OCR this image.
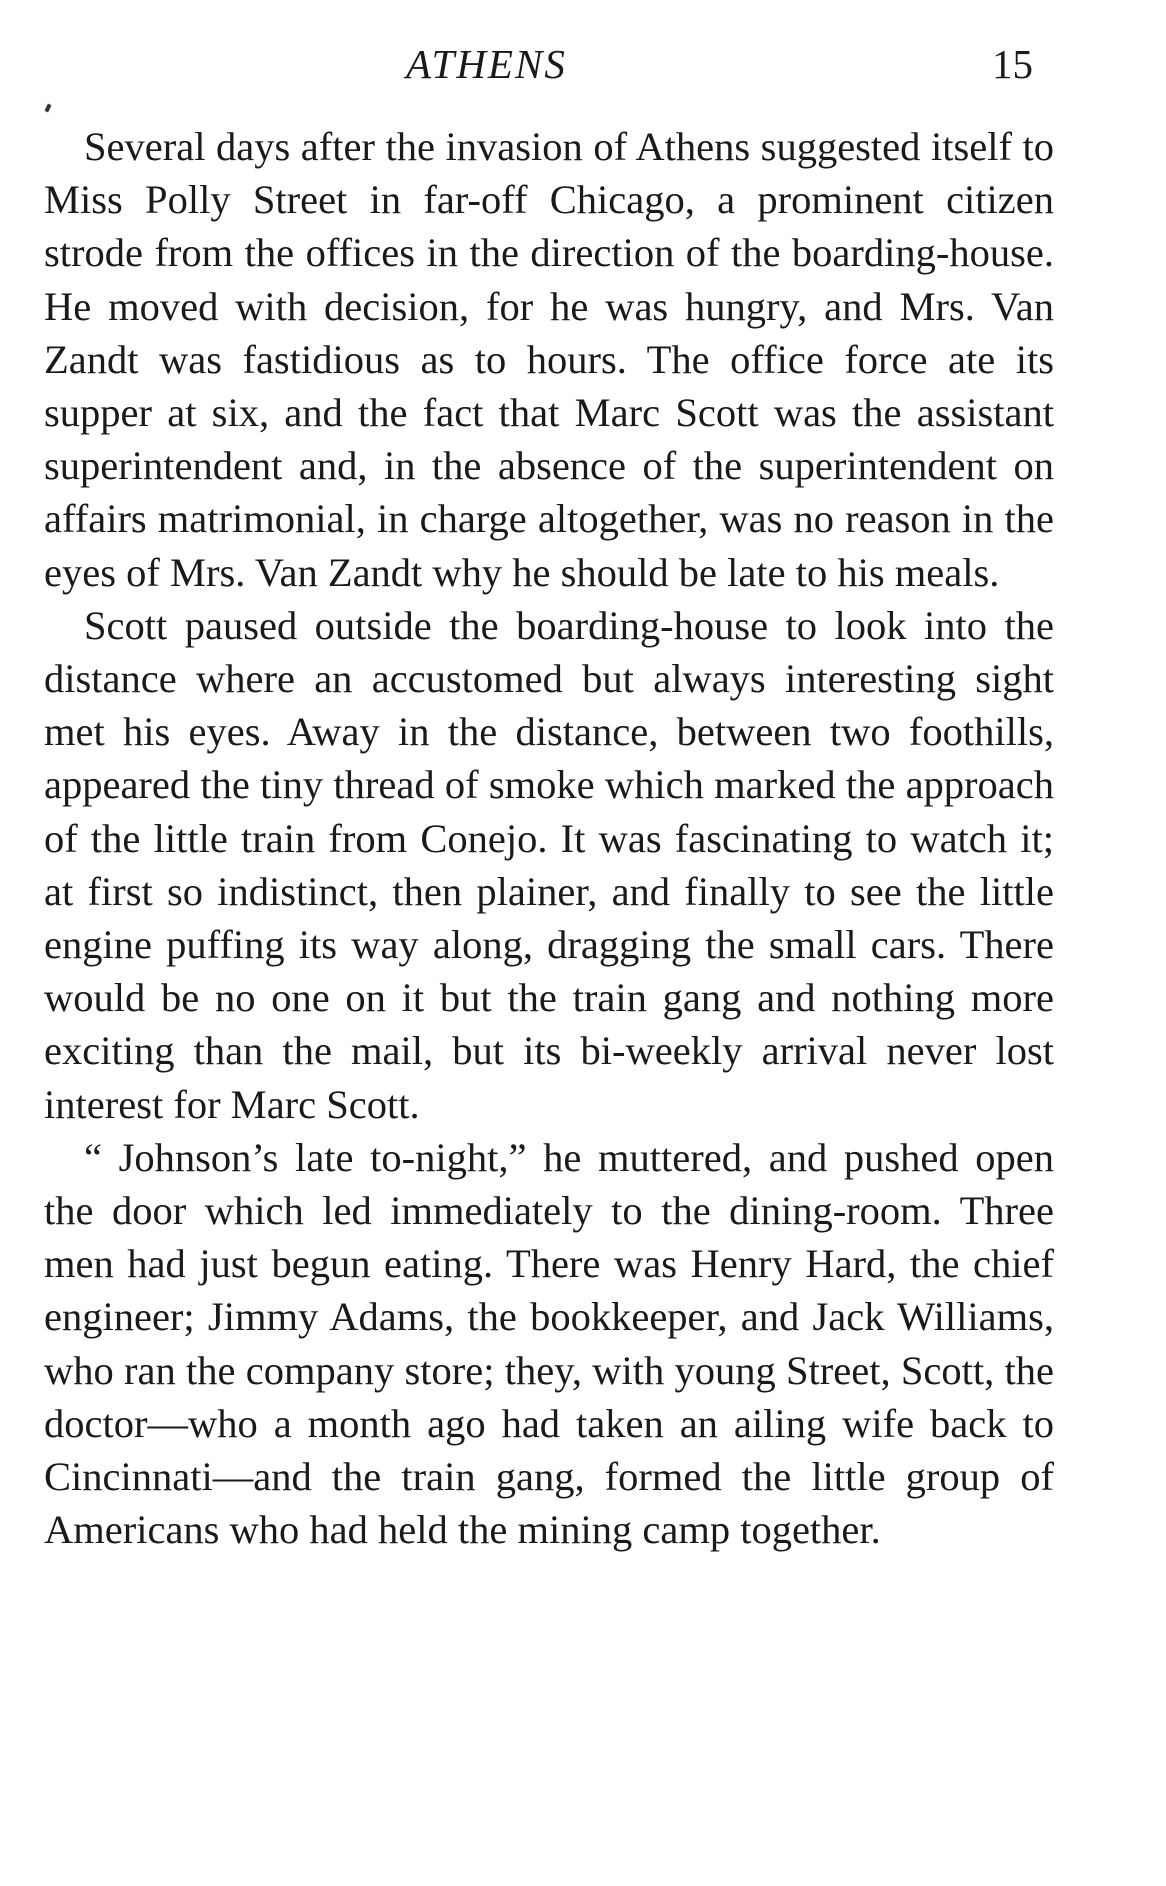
ATHENS	15

Several days after the invasion of Athens suggested itself to Miss Polly Street in far-off Chicago, a prominent citizen strode from the offices in the direction of the boarding-house. He moved with decision, for he was hungry, and Mrs. Van Zandt was fastidious as to hours. The office force ate its supper at six, and the fact that Marc Scott was the assistant superintendent and, in the absence of the superintendent on affairs matrimonial, in charge altogether, was no reason in the eyes of Mrs. Van Zandt why he should be late to his meals.

Scott paused outside the boarding-house to look into the distance where an accustomed but always interesting sight met his eyes. Away in the distance, between two foothills, appeared the tiny thread of smoke which marked the approach of the little train from Conejo. It was fascinating to watch it; at first so indistinct, then plainer, and finally to see the little engine puffing its way along, dragging the small cars. There would be no one on it but the train gang and nothing more exciting than the mail, but its bi-weekly arrival never lost interest for Marc Scott.

“ Johnson’s late to-night,” he muttered, and pushed open the door which led immediately to the dining-room. Three men had just begun eating. There was Henry Hard, the chief engineer; Jimmy Adams, the bookkeeper, and Jack Williams, who ran the company store; they, with young Street, Scott, the doctor—who a month ago had taken an ailing wife back to Cincinnati—and the train gang, formed the little group of Americans who had held the mining camp together.
